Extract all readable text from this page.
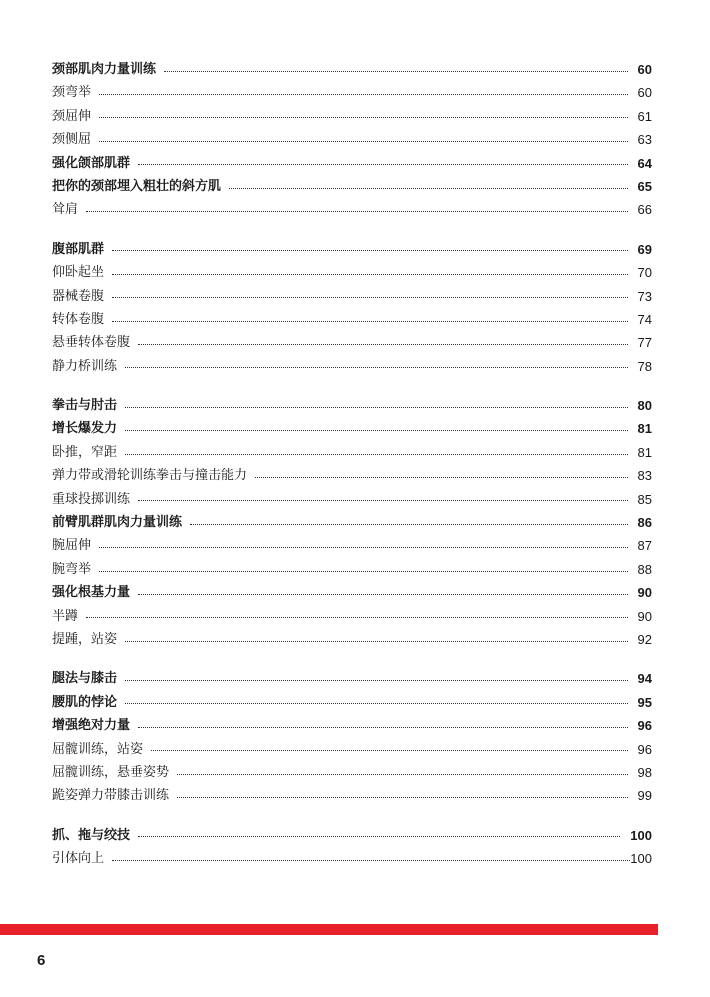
颈部肌肉力量训练	60
颈弯举	60
颈屈伸	61
颈侧屈	63
强化颌部肌群	64
把你的颈部埋入粗壮的斜方肌	65
耸肩	66
腹部肌群	69
仰卧起坐	70
器械卷腹	73
转体卷腹	74
悬垂转体卷腹	77
静力桥训练	78
拳击与肘击	80
增长爆发力	81
卧推，窄距	81
弹力带或滑轮训练拳击与撞击能力	83
重球投掷训练	85
前臂肌群肌肉力量训练	86
腕屈伸	87
腕弯举	88
强化根基力量	90
半蹲	90
提踵，站姿	92
腿法与膝击	94
腰肌的悖论	95
增强绝对力量	96
屈髋训练，站姿	96
屈髋训练，悬垂姿势	98
跪姿弹力带膝击训练	99
抓、拖与绞技	100
引体向上	100
6
